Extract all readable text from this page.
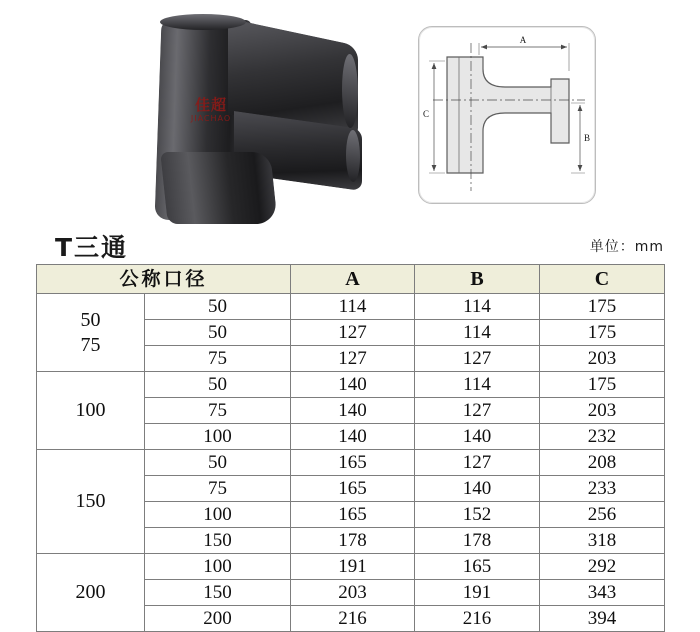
佳超
JIACHAO
A
B
C
T三通	单位：mm
公称口径		A	B	C

50
75	50	114	114	175
	50	127	114	175
	75	127	127	203

100	50	140	114	175
	75	140	127	203
	100	140	140	232

150	50	165	127	208
	75	165	140	233
	100	165	152	256
	150	178	178	318

200	100	191	165	292
	150	203	191	343
	200	216	216	394
